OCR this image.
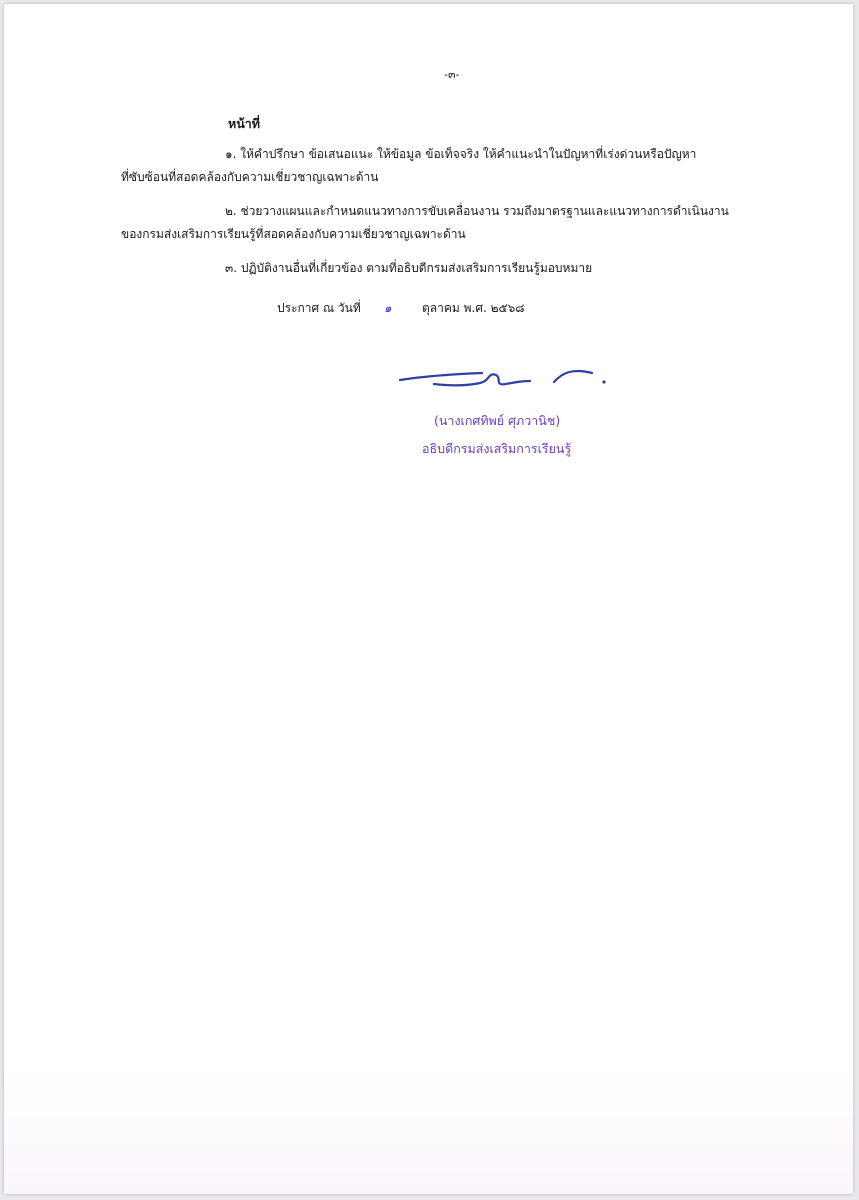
-๓-
หน้าที่
๑. ให้คำปรึกษา ข้อเสนอแนะ ให้ข้อมูล ข้อเท็จจริง ให้คำแนะนำในปัญหาที่เร่งด่วนหรือปัญหา
ที่ซับซ้อนที่สอดคล้องกับความเชี่ยวชาญเฉพาะด้าน
๒. ช่วยวางแผนและกำหนดแนวทางการขับเคลื่อนงาน รวมถึงมาตรฐานและแนวทางการดำเนินงาน
ของกรมส่งเสริมการเรียนรู้ที่สอดคล้องกับความเชี่ยวชาญเฉพาะด้าน
๓. ปฏิบัติงานอื่นที่เกี่ยวข้อง ตามที่อธิบดีกรมส่งเสริมการเรียนรู้มอบหมาย
ประกาศ ณ วันที่ ๑	ตุลาคม พ.ศ. ๒๕๖๘
(นางเกศทิพย์ ศุภวานิช)
อธิบดีกรมส่งเสริมการเรียนรู้
